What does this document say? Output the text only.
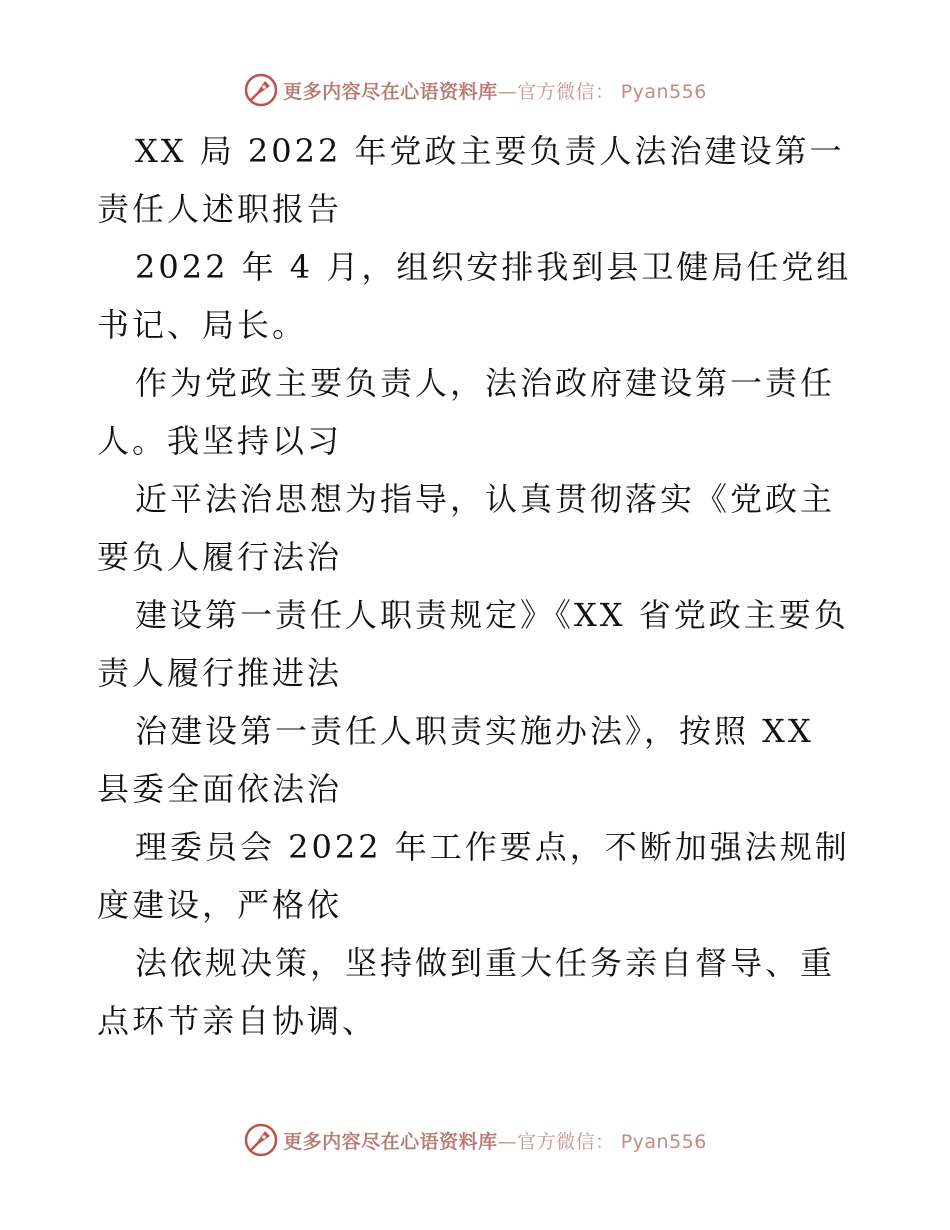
更多内容尽在心语资料库—官方微信： Pyan556

XX 局 2022 年党政主要负责人法治建设第一责任人述职报告

2022 年 4 月，组织安排我到县卫健局任党组书记、局长。

作为党政主要负责人，法治政府建设第一责任人。我坚持以习

近平法治思想为指导，认真贯彻落实《党政主要负人履行法治

建设第一责任人职责规定》《XX 省党政主要负责人履行推进法

治建设第一责任人职责实施办法》，按照 XX 县委全面依法治

理委员会 2022 年工作要点，不断加强法规制度建设，严格依

法依规决策，坚持做到重大任务亲自督导、重点环节亲自协调、

更多内容尽在心语资料库—官方微信： Pyan556
